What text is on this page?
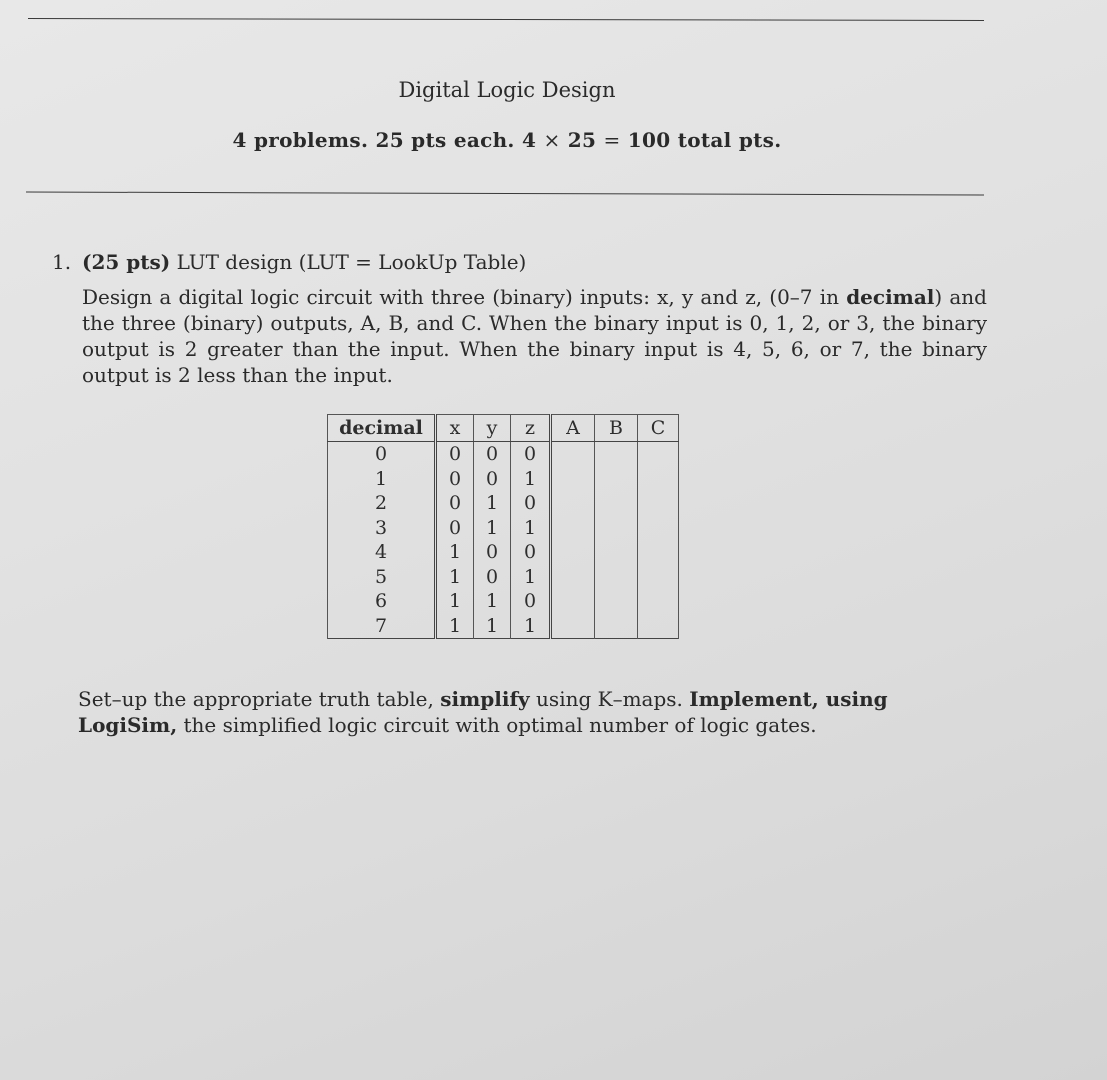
Digital Logic Design
4 problems. 25 pts each. 4 × 25 = 100 total pts.
1. (25 pts) LUT design (LUT = LookUp Table)
Design a digital logic circuit with three (binary) inputs: x, y and z, (0–7 in decimal) and the three (binary) outputs, A, B, and C. When the binary input is 0, 1, 2, or 3, the binary output is 2 greater than the input. When the binary input is 4, 5, 6, or 7, the binary output is 2 less than the input.
decimal	x	y	z	A	B	C
0	0	0	0			
1	0	0	1			
2	0	1	0			
3	0	1	1			
4	1	0	0			
5	1	0	1			
6	1	1	0			
7	1	1	1			
Set–up the appropriate truth table, simplify using K–maps. Implement, using LogiSim, the simplified logic circuit with optimal number of logic gates.
